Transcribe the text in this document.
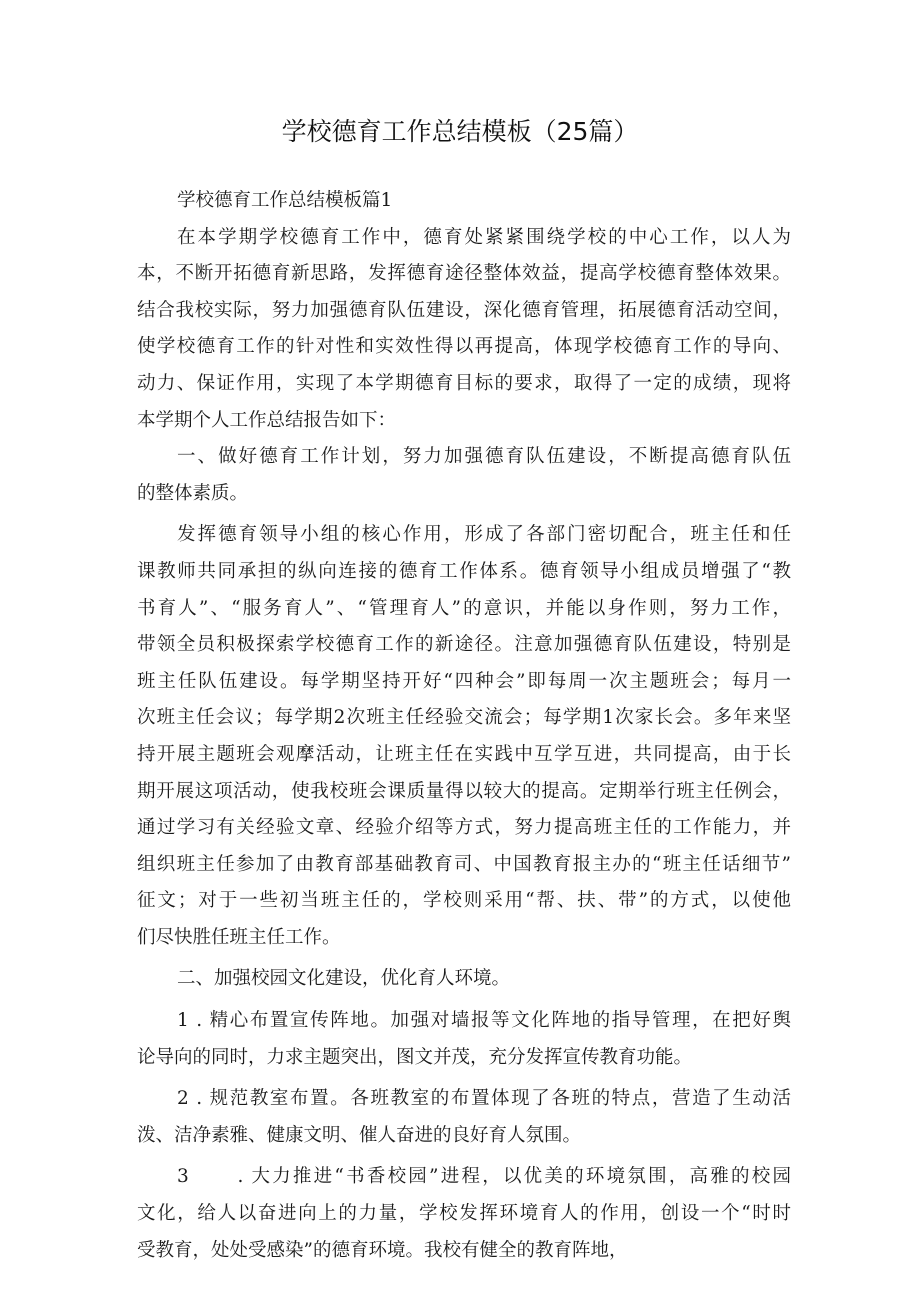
学校德育工作总结模板（25篇）
学校德育工作总结模板篇1
在本学期学校德育工作中，德育处紧紧围绕学校的中心工作，以人为
本，不断开拓德育新思路，发挥德育途径整体效益，提高学校德育整体效果。
结合我校实际，努力加强德育队伍建设，深化德育管理，拓展德育活动空间，
使学校德育工作的针对性和实效性得以再提高，体现学校德育工作的导向、
动力、保证作用，实现了本学期德育目标的要求，取得了一定的成绩，现将
本学期个人工作总结报告如下：
一、做好德育工作计划，努力加强德育队伍建设，不断提高德育队伍
的整体素质。
发挥德育领导小组的核心作用，形成了各部门密切配合，班主任和任
课教师共同承担的纵向连接的德育工作体系。德育领导小组成员增强了“教
书育人”、“服务育人”、“管理育人”的意识，并能以身作则，努力工作，
带领全员积极探索学校德育工作的新途径。注意加强德育队伍建设，特别是
班主任队伍建设。每学期坚持开好“四种会”即每周一次主题班会；每月一
次班主任会议；每学期2次班主任经验交流会；每学期1次家长会。多年来坚
持开展主题班会观摩活动，让班主任在实践中互学互进，共同提高，由于长
期开展这项活动，使我校班会课质量得以较大的提高。定期举行班主任例会，
通过学习有关经验文章、经验介绍等方式，努力提高班主任的工作能力，并
组织班主任参加了由教育部基础教育司、中国教育报主办的“班主任话细节”
征文；对于一些初当班主任的，学校则采用“帮、扶、带”的方式，以使他
们尽快胜任班主任工作。
二、加强校园文化建设，优化育人环境。
1 . 精心布置宣传阵地。加强对墙报等文化阵地的指导管理，在把好舆
论导向的同时，力求主题突出，图文并茂，充分发挥宣传教育功能。
2 . 规范教室布置。各班教室的布置体现了各班的特点，营造了生动活
泼、洁净素雅、健康文明、催人奋进的良好育人氛围。
3      . 大力推进“书香校园”进程，以优美的环境氛围，高雅的校园
文化，给人以奋进向上的力量，学校发挥环境育人的作用，创设一个“时时
受教育，处处受感染”的德育环境。我校有健全的教育阵地，
